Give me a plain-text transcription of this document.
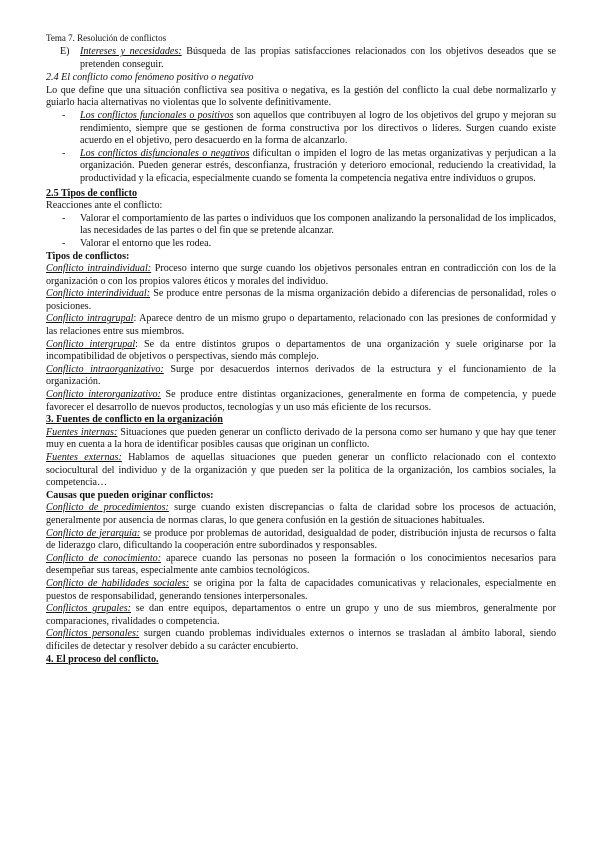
Tema 7. Resolución de conflictos
E) Intereses y necesidades: Búsqueda de las propias satisfacciones relacionados con los objetivos deseados que se pretenden conseguir.

2.4 El conflicto como fenómeno positivo o negativo

Lo que define que una situación conflictiva sea positiva o negativa, es la gestión del conflicto la cual debe normalizarlo y guiarlo hacia alternativas no violentas que lo solvente definitivamente.

- Los conflictos funcionales o positivos son aquellos que contribuyen al logro de los objetivos del grupo y mejoran su rendimiento, siempre que se gestionen de forma constructiva por los directivos o líderes. Surgen cuando existe acuerdo en el objetivo, pero desacuerdo en la forma de alcanzarlo.
- Los conflictos disfuncionales o negativos dificultan o impiden el logro de las metas organizativas y perjudican a la organización. Pueden generar estrés, desconfianza, frustración y deterioro emocional, reduciendo la creatividad, la productividad y la eficacia, especialmente cuando se fomenta la competencia negativa entre individuos o grupos.

2.5 Tipos de conflicto

Reacciones ante el conflicto:

- Valorar el comportamiento de las partes o individuos que los componen analizando la personalidad de los implicados, las necesidades de las partes o del fin que se pretende alcanzar.
- Valorar el entorno que les rodea.

Tipos de conflictos:

Conflicto intraindividual: Proceso interno que surge cuando los objetivos personales entran en contradicción con los de la organización o con los propios valores éticos y morales del individuo.

Conflicto interindividual: Se produce entre personas de la misma organización debido a diferencias de personalidad, roles o posiciones.

Conflicto intragrupal: Aparece dentro de un mismo grupo o departamento, relacionado con las presiones de conformidad y las relaciones entre sus miembros.

Conflicto intergrupal: Se da entre distintos grupos o departamentos de una organización y suele originarse por la incompatibilidad de objetivos o perspectivas, siendo más complejo.

Conflicto intraorganizativo: Surge por desacuerdos internos derivados de la estructura y el funcionamiento de la organización.

Conflicto interorganizativo: Se produce entre distintas organizaciones, generalmente en forma de competencia, y puede favorecer el desarrollo de nuevos productos, tecnologías y un uso más eficiente de los recursos.

3. Fuentes de conflicto en la organización

Fuentes internas: Situaciones que pueden generar un conflicto derivado de la persona como ser humano y que hay que tener muy en cuenta a la hora de identificar posibles causas que originan un conflicto.

Fuentes externas: Hablamos de aquellas situaciones que pueden generar un conflicto relacionado con el contexto sociocultural del individuo y de la organización y que pueden ser la política de la organización, los cambios sociales, la competencia…

Causas que pueden originar conflictos:

Conflicto de procedimientos: surge cuando existen discrepancias o falta de claridad sobre los procesos de actuación, generalmente por ausencia de normas claras, lo que genera confusión en la gestión de situaciones habituales.

Conflicto de jerarquía: se produce por problemas de autoridad, desigualdad de poder, distribución injusta de recursos o falta de liderazgo claro, dificultando la cooperación entre subordinados y responsables.

Conflicto de conocimiento: aparece cuando las personas no poseen la formación o los conocimientos necesarios para desempeñar sus tareas, especialmente ante cambios tecnológicos.

Conflicto de habilidades sociales: se origina por la falta de capacidades comunicativas y relacionales, especialmente en puestos de responsabilidad, generando tensiones interpersonales.

Conflictos grupales: se dan entre equipos, departamentos o entre un grupo y uno de sus miembros, generalmente por comparaciones, rivalidades o competencia.

Conflictos personales: surgen cuando problemas individuales externos o internos se trasladan al ámbito laboral, siendo difíciles de detectar y resolver debido a su carácter encubierto.

4. El proceso del conflicto.
